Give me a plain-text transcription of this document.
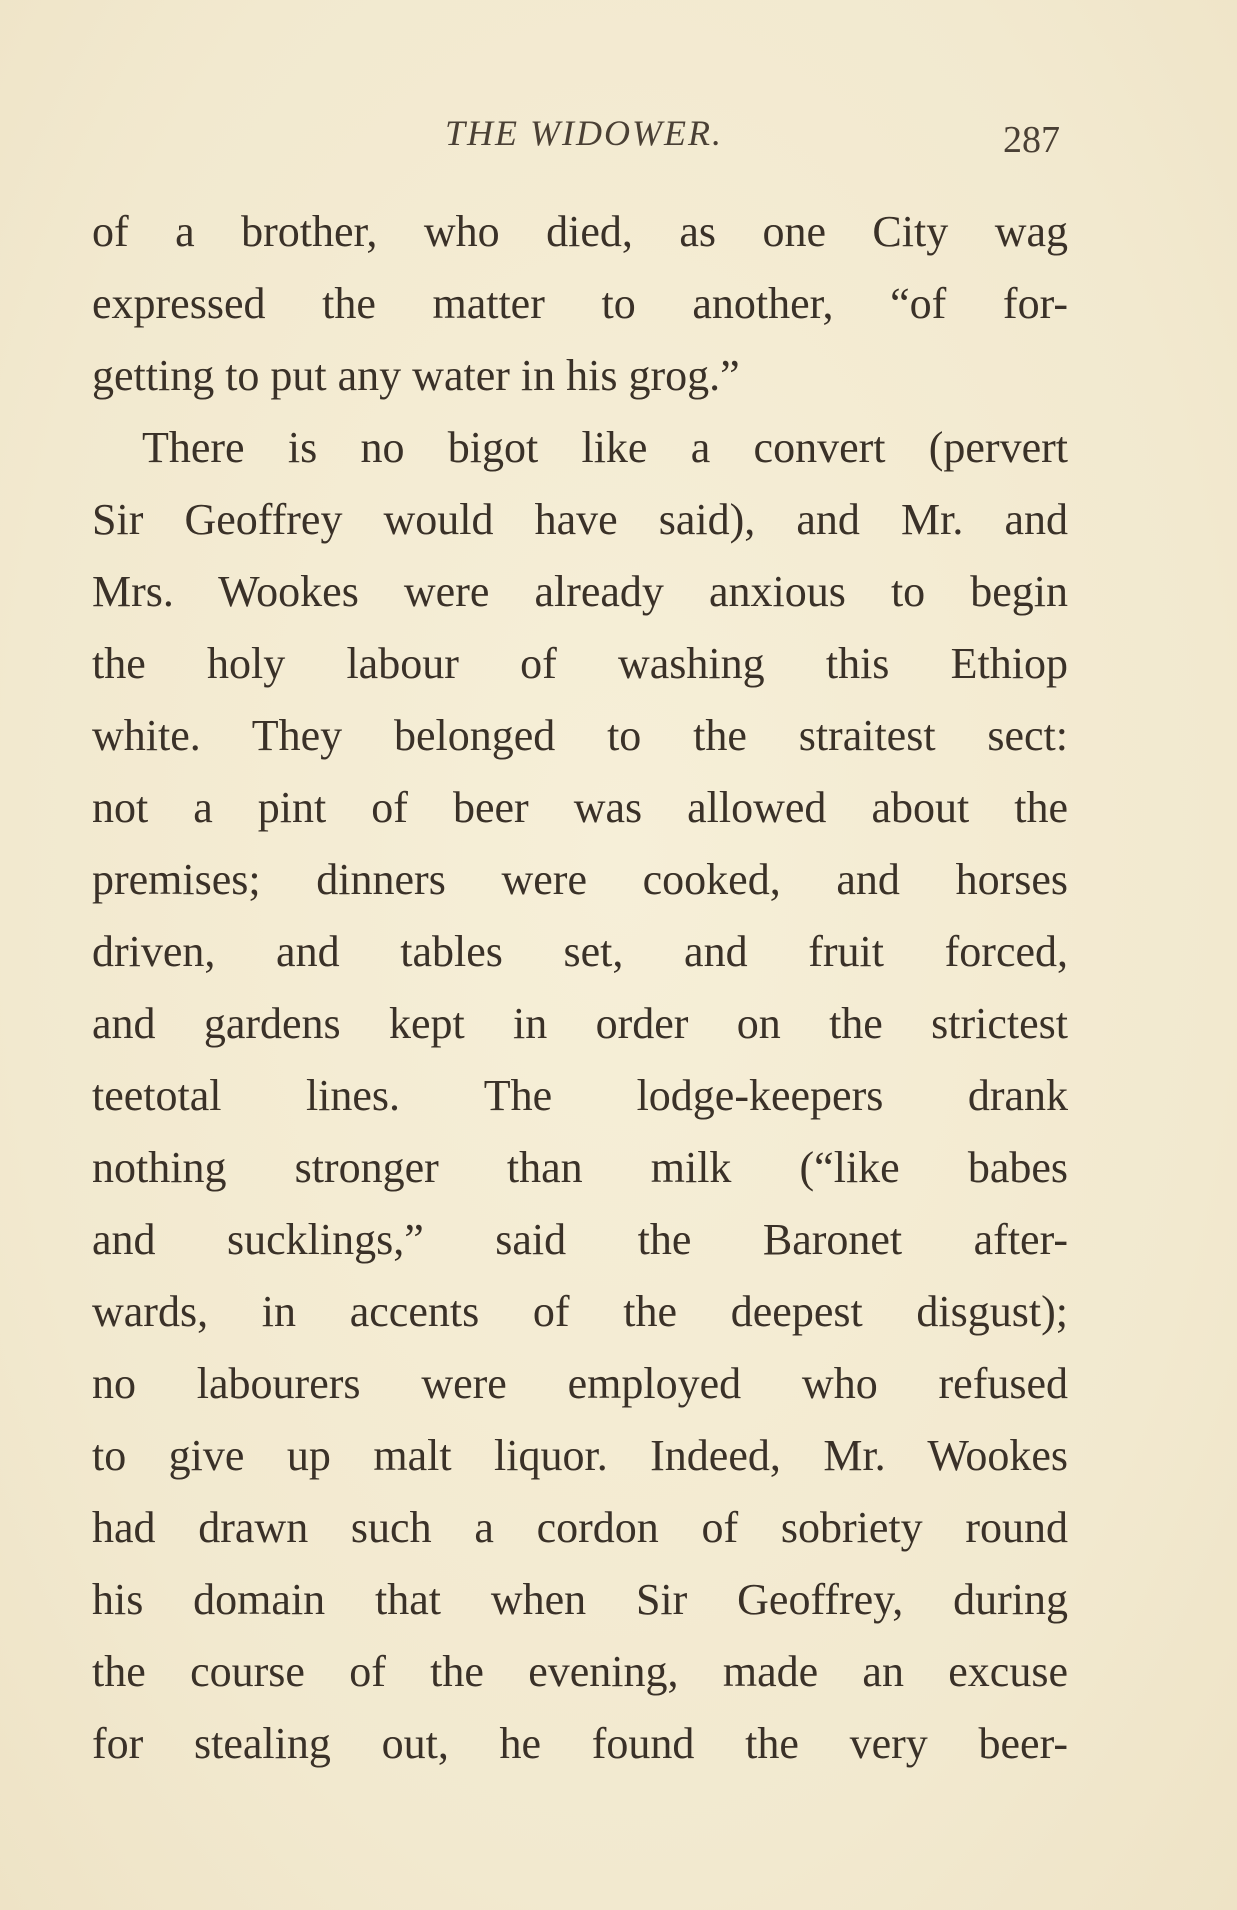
THE WIDOWER.	287
of a brother, who died, as one City wag
expressed the matter to another, “of for-
getting to put any water in his grog.”
There is no bigot like a convert (pervert
Sir Geoffrey would have said), and Mr. and
Mrs. Wookes were already anxious to begin
the holy labour of washing this Ethiop
white. They belonged to the straitest sect:
not a pint of beer was allowed about the
premises; dinners were cooked, and horses
driven, and tables set, and fruit forced,
and gardens kept in order on the strictest
teetotal lines. The lodge-keepers drank
nothing stronger than milk (“like babes
and sucklings,” said the Baronet after-
wards, in accents of the deepest disgust);
no labourers were employed who refused
to give up malt liquor. Indeed, Mr. Wookes
had drawn such a cordon of sobriety round
his domain that when Sir Geoffrey, during
the course of the evening, made an excuse
for stealing out, he found the very beer-
